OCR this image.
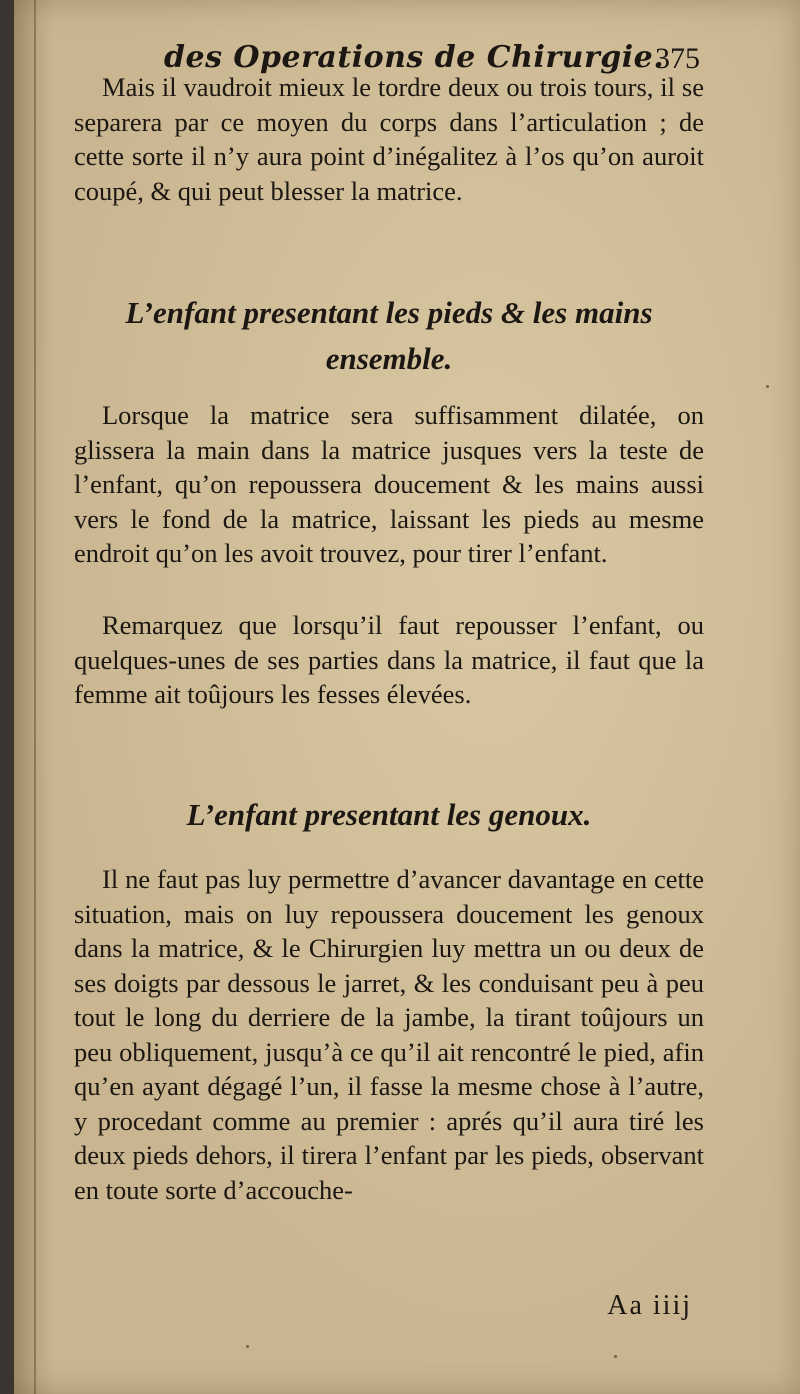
des Operations de Chirurgie.
375

Mais il vaudroit mieux le tordre deux ou trois tours, il se separera par ce moyen du corps dans l’articulation ; de cette sorte il n’y aura point d’inégalitez à l’os qu’on auroit coupé, & qui peut blesser la matrice.

L’enfant presentant les pieds & les mains
ensemble.

Lorsque la matrice sera suffisamment dilatée, on glissera la main dans la matrice jusques vers la teste de l’enfant, qu’on repoussera doucement & les mains aussi vers le fond de la matrice, laissant les pieds au mesme endroit qu’on les avoit trouvez, pour tirer l’enfant.

Remarquez que lorsqu’il faut repousser l’enfant, ou quelques-unes de ses parties dans la matrice, il faut que la femme ait toûjours les fesses élevées.

L’enfant presentant les genoux.

Il ne faut pas luy permettre d’avancer davantage en cette situation, mais on luy repoussera doucement les genoux dans la matrice, & le Chirurgien luy mettra un ou deux de ses doigts par dessous le jarret, & les conduisant peu à peu tout le long du derriere de la jambe, la tirant toûjours un peu obliquement, jusqu’à ce qu’il ait rencontré le pied, afin qu’en ayant dégagé l’un, il fasse la mesme chose à l’autre, y procedant comme au premier : aprés qu’il aura tiré les deux pieds dehors, il tirera l’enfant par les pieds, observant en toute sorte d’accouche-

Aa iiij
